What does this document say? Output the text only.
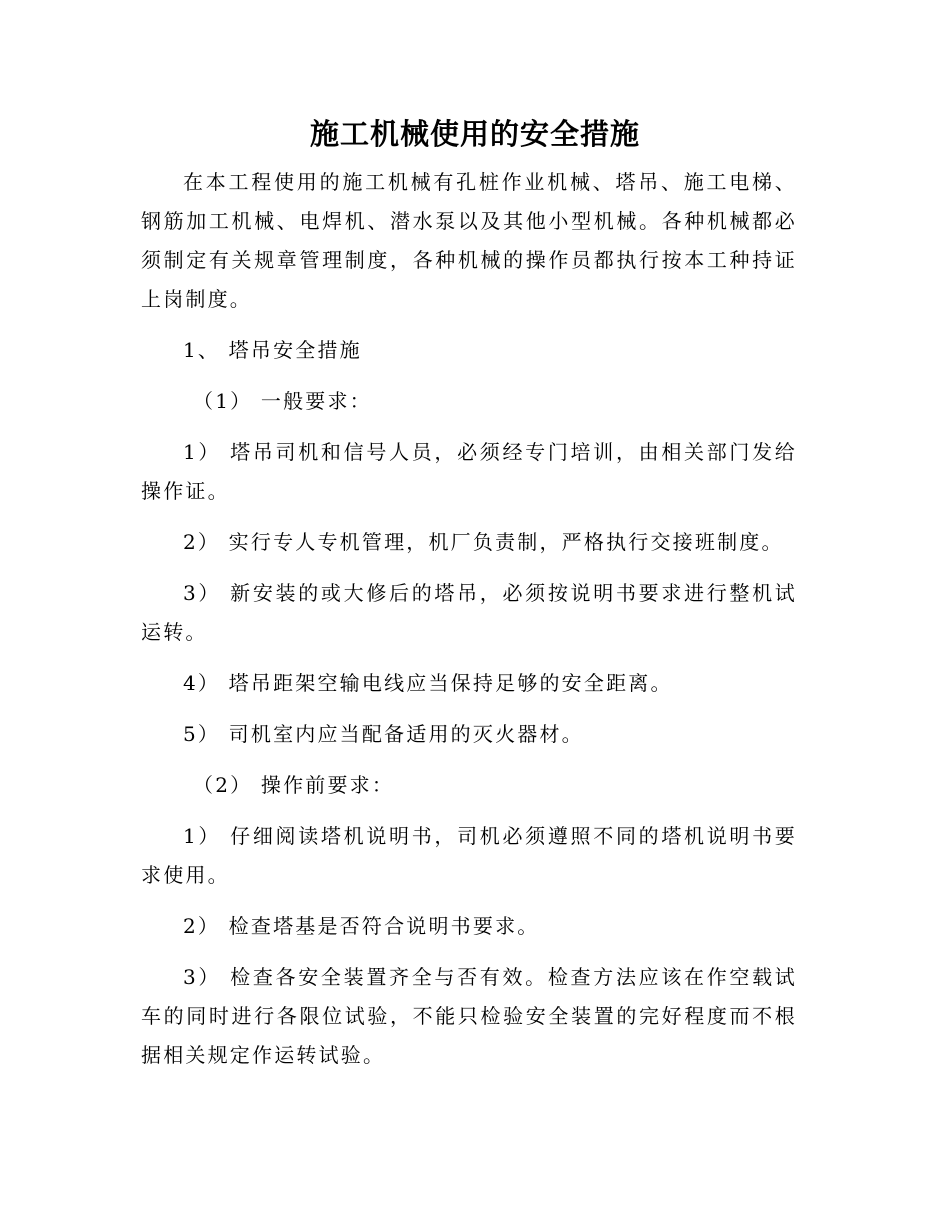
施工机械使用的安全措施

在本工程使用的施工机械有孔桩作业机械、塔吊、施工电梯、钢筋加工机械、电焊机、潜水泵以及其他小型机械。各种机械都必须制定有关规章管理制度，各种机械的操作员都执行按本工种持证上岗制度。

1、 塔吊安全措施

（1） 一般要求：

1） 塔吊司机和信号人员，必须经专门培训，由相关部门发给操作证。

2） 实行专人专机管理，机厂负责制，严格执行交接班制度。

3） 新安装的或大修后的塔吊，必须按说明书要求进行整机试运转。

4） 塔吊距架空输电线应当保持足够的安全距离。

5） 司机室内应当配备适用的灭火器材。

（2） 操作前要求：

1） 仔细阅读塔机说明书，司机必须遵照不同的塔机说明书要求使用。

2） 检查塔基是否符合说明书要求。

3） 检查各安全装置齐全与否有效。检查方法应该在作空载试车的同时进行各限位试验，不能只检验安全装置的完好程度而不根据相关规定作运转试验。
